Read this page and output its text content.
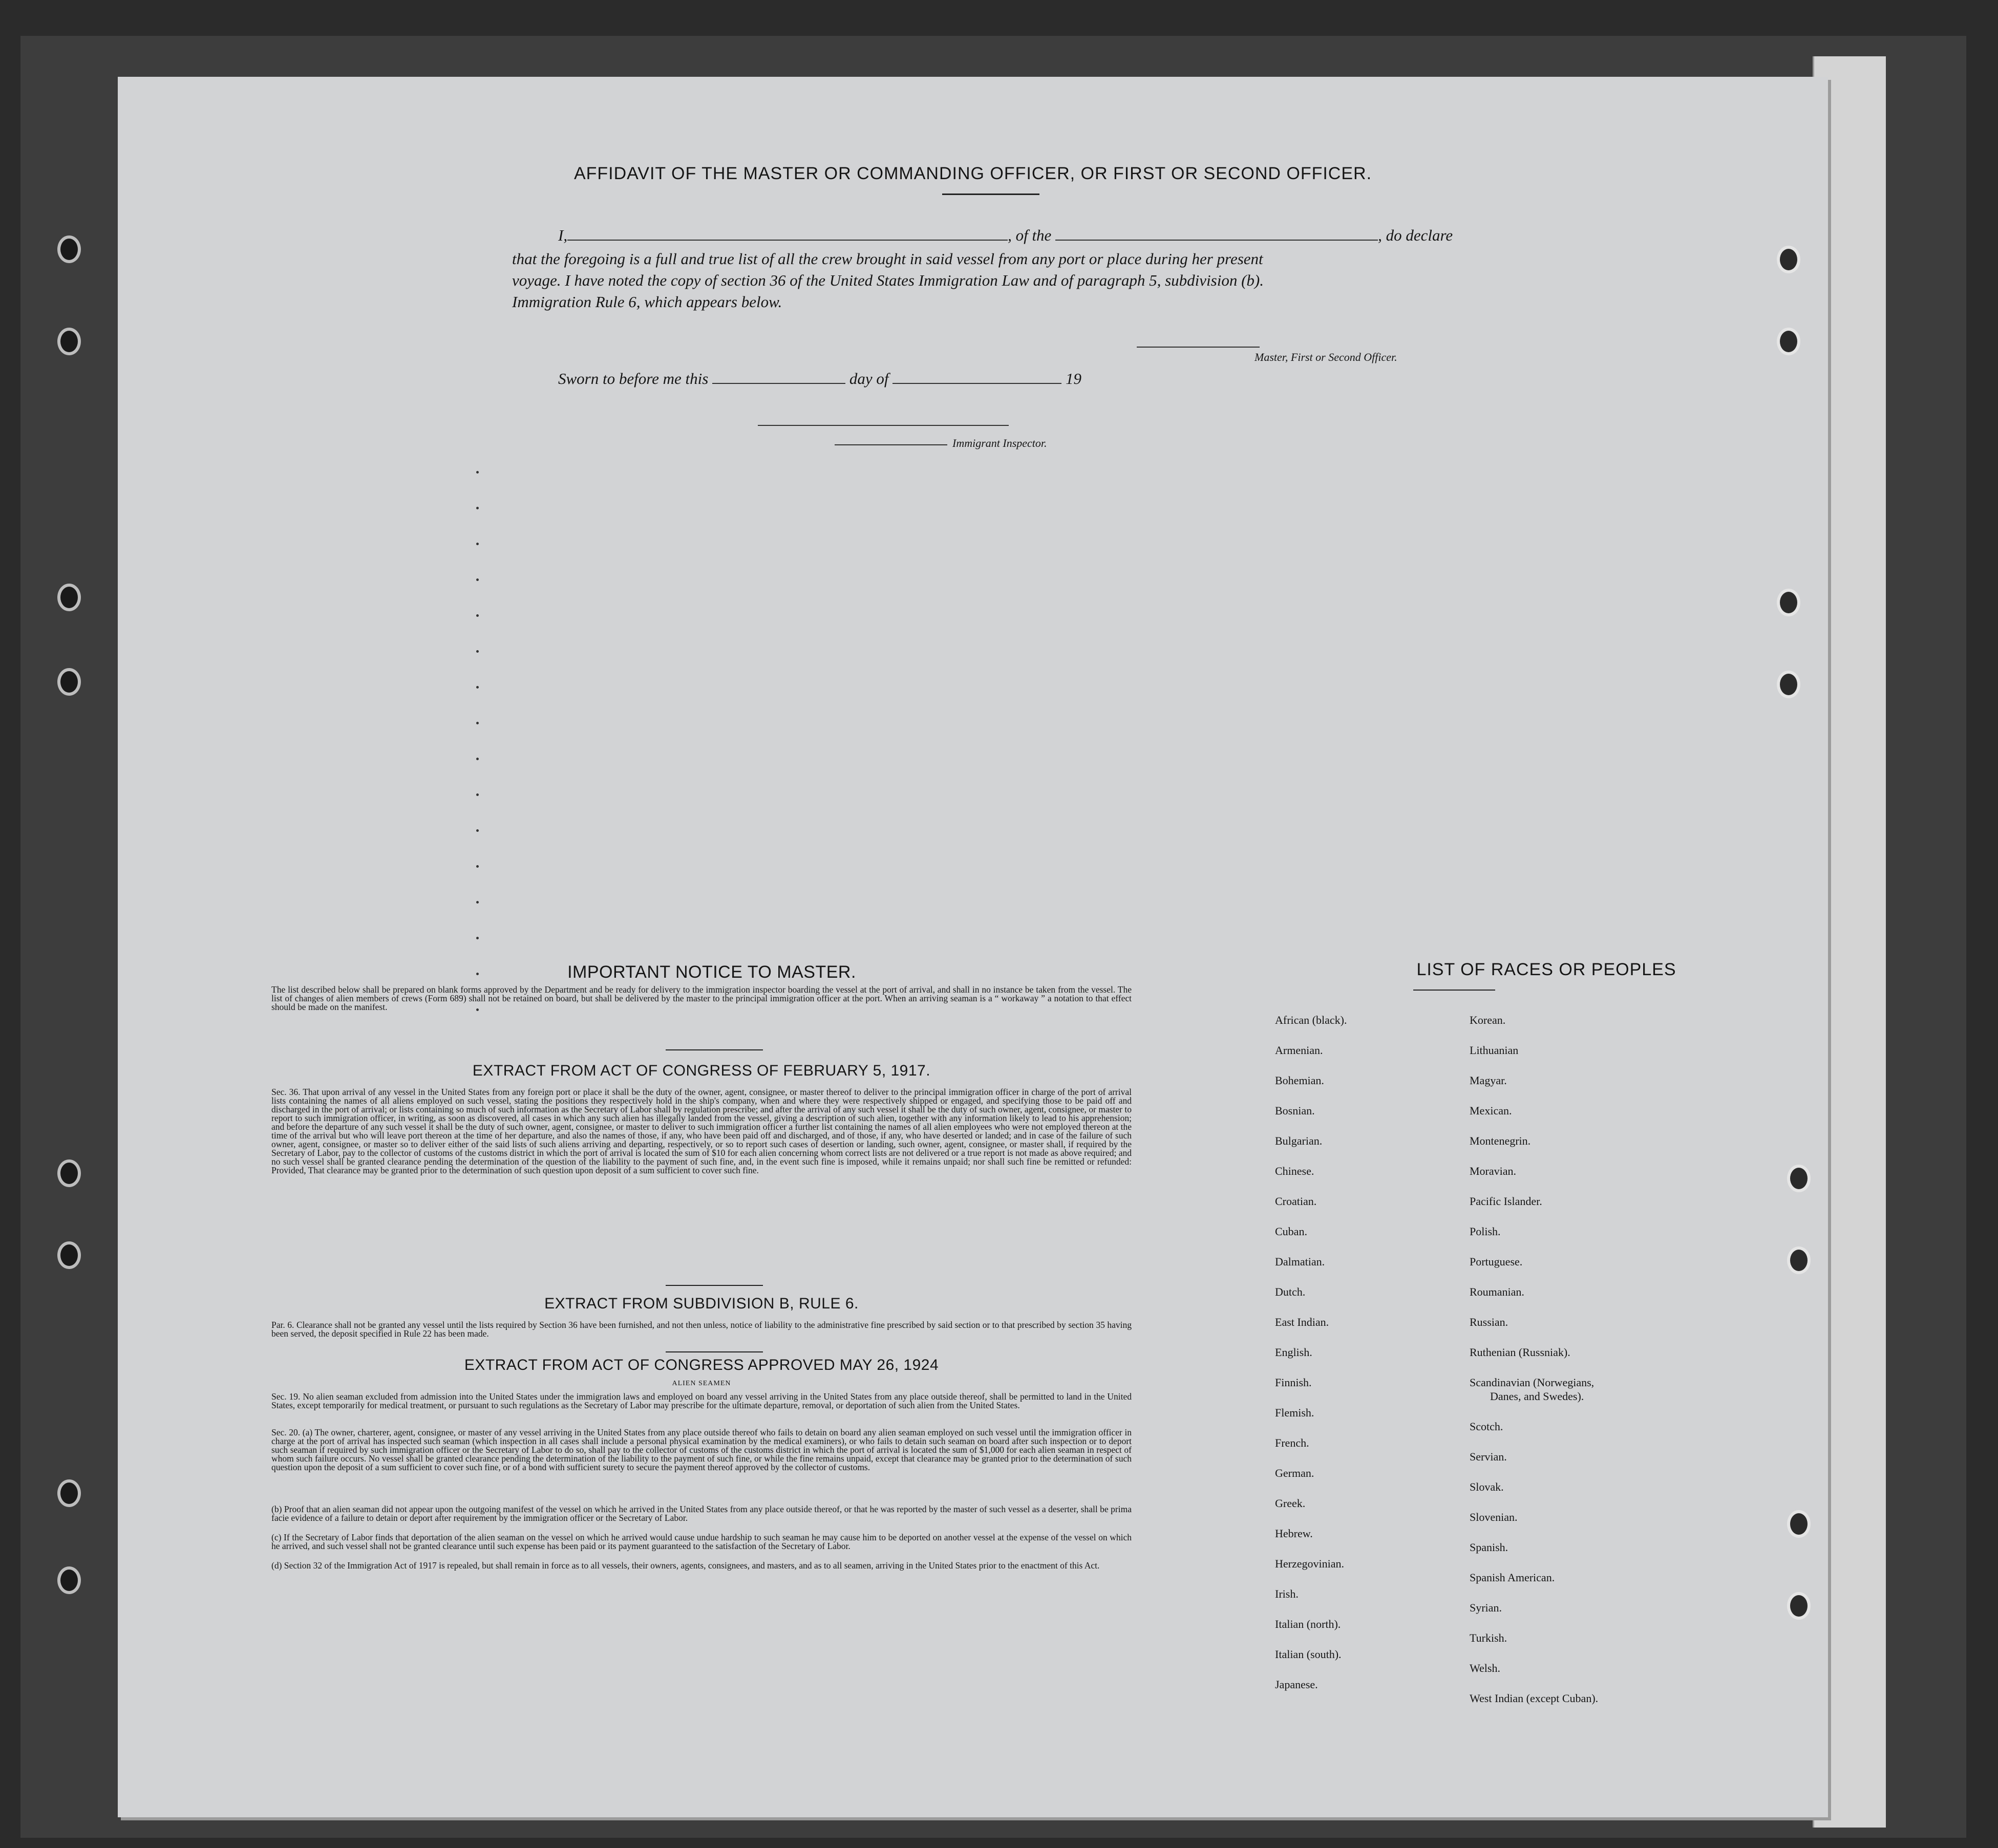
AFFIDAVIT OF THE MASTER OR COMMANDING OFFICER, OR FIRST OR SECOND OFFICER.
I,	, of the	, do declare
that the foregoing is a full and true list of all the crew brought in said vessel from any port or place during her present
voyage. I have noted the copy of section 36 of the United States Immigration Law and of paragraph 5, subdivision (b).
Immigration Rule 6, which appears below.
Master, First or Second Officer.
Sworn to before me this	day of	19
Immigrant Inspector.
IMPORTANT NOTICE TO MASTER.
The list described below shall be prepared on blank forms approved by the Department and be ready for delivery to the immigration inspector boarding the vessel at the port of arrival, and shall in no instance be taken from the vessel. The list of changes of alien members of crews (Form 689) shall not be retained on board, but shall be delivered by the master to the principal immigration officer at the port. When an arriving seaman is a “ workaway ” a notation to that effect should be made on the manifest.
EXTRACT FROM ACT OF CONGRESS OF FEBRUARY 5, 1917.
Sec. 36. That upon arrival of any vessel in the United States from any foreign port or place it shall be the duty of the owner, agent, consignee, or master thereof to deliver to the principal immigration officer in charge of the port of arrival lists containing the names of all aliens employed on such vessel, stating the positions they respectively hold in the ship's company, when and where they were respectively shipped or engaged, and specifying those to be paid off and discharged in the port of arrival; or lists containing so much of such information as the Secretary of Labor shall by regulation prescribe; and after the arrival of any such vessel it shall be the duty of such owner, agent, consignee, or master to report to such immigration officer, in writing, as soon as discovered, all cases in which any such alien has illegally landed from the vessel, giving a description of such alien, together with any information likely to lead to his apprehension; and before the departure of any such vessel it shall be the duty of such owner, agent, consignee, or master to deliver to such immigration officer a further list containing the names of all alien employees who were not employed thereon at the time of the arrival but who will leave port thereon at the time of her departure, and also the names of those, if any, who have been paid off and discharged, and of those, if any, who have deserted or landed; and in case of the failure of such owner, agent, consignee, or master so to deliver either of the said lists of such aliens arriving and departing, respectively, or so to report such cases of desertion or landing, such owner, agent, consignee, or master shall, if required by the Secretary of Labor, pay to the collector of customs of the customs district in which the port of arrival is located the sum of $10 for each alien concerning whom correct lists are not delivered or a true report is not made as above required; and no such vessel shall be granted clearance pending the determination of the question of the liability to the payment of such fine, and, in the event such fine is imposed, while it remains unpaid; nor shall such fine be remitted or refunded: Provided, That clearance may be granted prior to the determination of such question upon deposit of a sum sufficient to cover such fine.
EXTRACT FROM SUBDIVISION B, RULE 6.
Par. 6. Clearance shall not be granted any vessel until the lists required by Section 36 have been furnished, and not then unless, notice of liability to the administrative fine prescribed by said section or to that prescribed by section 35 having been served, the deposit specified in Rule 22 has been made.
EXTRACT FROM ACT OF CONGRESS APPROVED MAY 26, 1924
ALIEN SEAMEN
Sec. 19. No alien seaman excluded from admission into the United States under the immigration laws and employed on board any vessel arriving in the United States from any place outside thereof, shall be permitted to land in the United States, except temporarily for medical treatment, or pursuant to such regulations as the Secretary of Labor may prescribe for the ultimate departure, removal, or deportation of such alien from the United States.
Sec. 20. (a) The owner, charterer, agent, consignee, or master of any vessel arriving in the United States from any place outside thereof who fails to detain on board any alien seaman employed on such vessel until the immigration officer in charge at the port of arrival has inspected such seaman (which inspection in all cases shall include a personal physical examination by the medical examiners), or who fails to detain such seaman on board after such inspection or to deport such seaman if required by such immigration officer or the Secretary of Labor to do so, shall pay to the collector of customs of the customs district in which the port of arrival is located the sum of $1,000 for each alien seaman in respect of whom such failure occurs. No vessel shall be granted clearance pending the determination of the liability to the payment of such fine, or while the fine remains unpaid, except that clearance may be granted prior to the determination of such question upon the deposit of a sum sufficient to cover such fine, or of a bond with sufficient surety to secure the payment thereof approved by the collector of customs.
(b) Proof that an alien seaman did not appear upon the outgoing manifest of the vessel on which he arrived in the United States from any place outside thereof, or that he was reported by the master of such vessel as a deserter, shall be prima facie evidence of a failure to detain or deport after requirement by the immigration officer or the Secretary of Labor.
(c) If the Secretary of Labor finds that deportation of the alien seaman on the vessel on which he arrived would cause undue hardship to such seaman he may cause him to be deported on another vessel at the expense of the vessel on which he arrived, and such vessel shall not be granted clearance until such expense has been paid or its payment guaranteed to the satisfaction of the Secretary of Labor.
(d) Section 32 of the Immigration Act of 1917 is repealed, but shall remain in force as to all vessels, their owners, agents, consignees, and masters, and as to all seamen, arriving in the United States prior to the enactment of this Act.
LIST OF RACES OR PEOPLES
African (black).
Armenian.
Bohemian.
Bosnian.
Bulgarian.
Chinese.
Croatian.
Cuban.
Dalmatian.
Dutch.
East Indian.
English.
Finnish.
Flemish.
French.
German.
Greek.
Hebrew.
Herzegovinian.
Irish.
Italian (north).
Italian (south).
Japanese.
Korean.
Lithuanian
Magyar.
Mexican.
Montenegrin.
Moravian.
Pacific Islander.
Polish.
Portuguese.
Roumanian.
Russian.
Ruthenian (Russniak).
Scandinavian (Norwegians,
Danes, and Swedes).
Scotch.
Servian.
Slovak.
Slovenian.
Spanish.
Spanish American.
Syrian.
Turkish.
Welsh.
West Indian (except Cuban).
